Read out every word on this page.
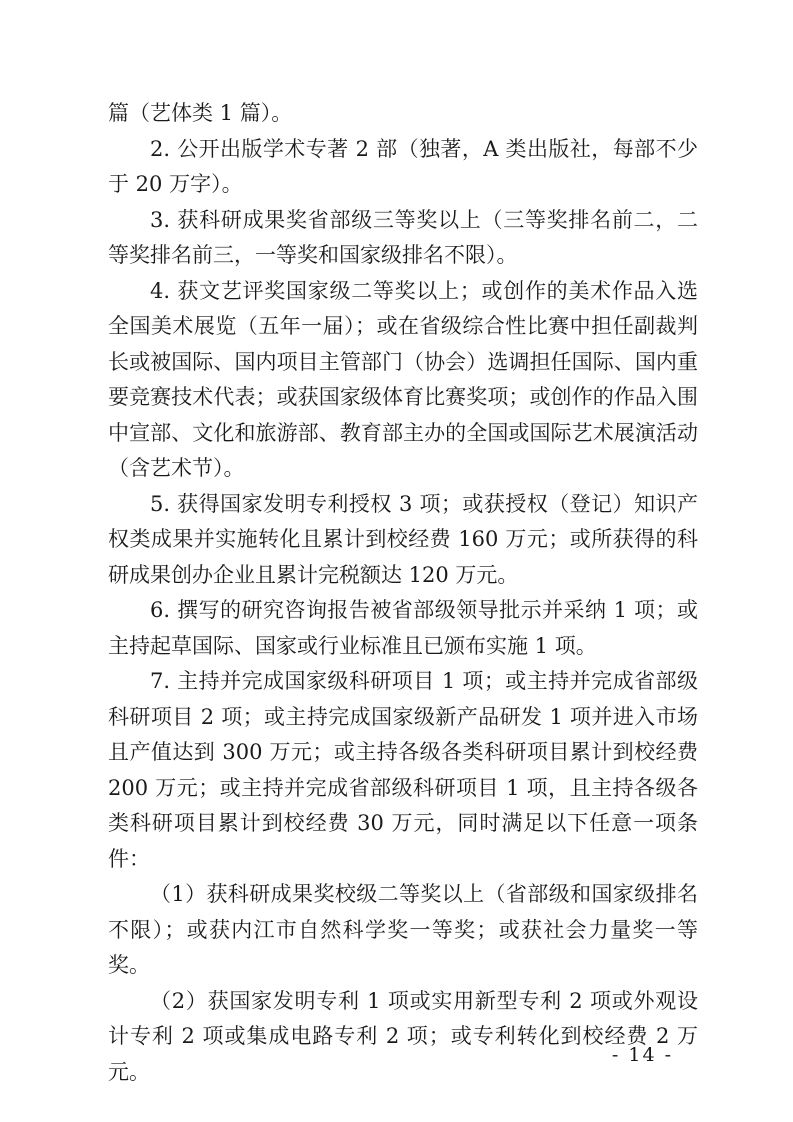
篇（艺体类 1 篇）。

2. 公开出版学术专著 2 部（独著，A 类出版社，每部不少于 20 万字）。

3. 获科研成果奖省部级三等奖以上（三等奖排名前二，二等奖排名前三，一等奖和国家级排名不限）。

4. 获文艺评奖国家级二等奖以上；或创作的美术作品入选全国美术展览（五年一届）；或在省级综合性比赛中担任副裁判长或被国际、国内项目主管部门（协会）选调担任国际、国内重要竞赛技术代表；或获国家级体育比赛奖项；或创作的作品入围中宣部、文化和旅游部、教育部主办的全国或国际艺术展演活动（含艺术节）。

5. 获得国家发明专利授权 3 项；或获授权（登记）知识产权类成果并实施转化且累计到校经费 160 万元；或所获得的科研成果创办企业且累计完税额达 120 万元。

6. 撰写的研究咨询报告被省部级领导批示并采纳 1 项；或主持起草国际、国家或行业标准且已颁布实施 1 项。

7. 主持并完成国家级科研项目 1 项；或主持并完成省部级科研项目 2 项；或主持完成国家级新产品研发 1 项并进入市场且产值达到 300 万元；或主持各级各类科研项目累计到校经费 200 万元；或主持并完成省部级科研项目 1 项，且主持各级各类科研项目累计到校经费 30 万元，同时满足以下任意一项条件：

（1）获科研成果奖校级二等奖以上（省部级和国家级排名不限）；或获内江市自然科学奖一等奖；或获社会力量奖一等奖。

（2）获国家发明专利 1 项或实用新型专利 2 项或外观设计专利 2 项或集成电路专利 2 项；或专利转化到校经费 2 万元。

- 14 -
